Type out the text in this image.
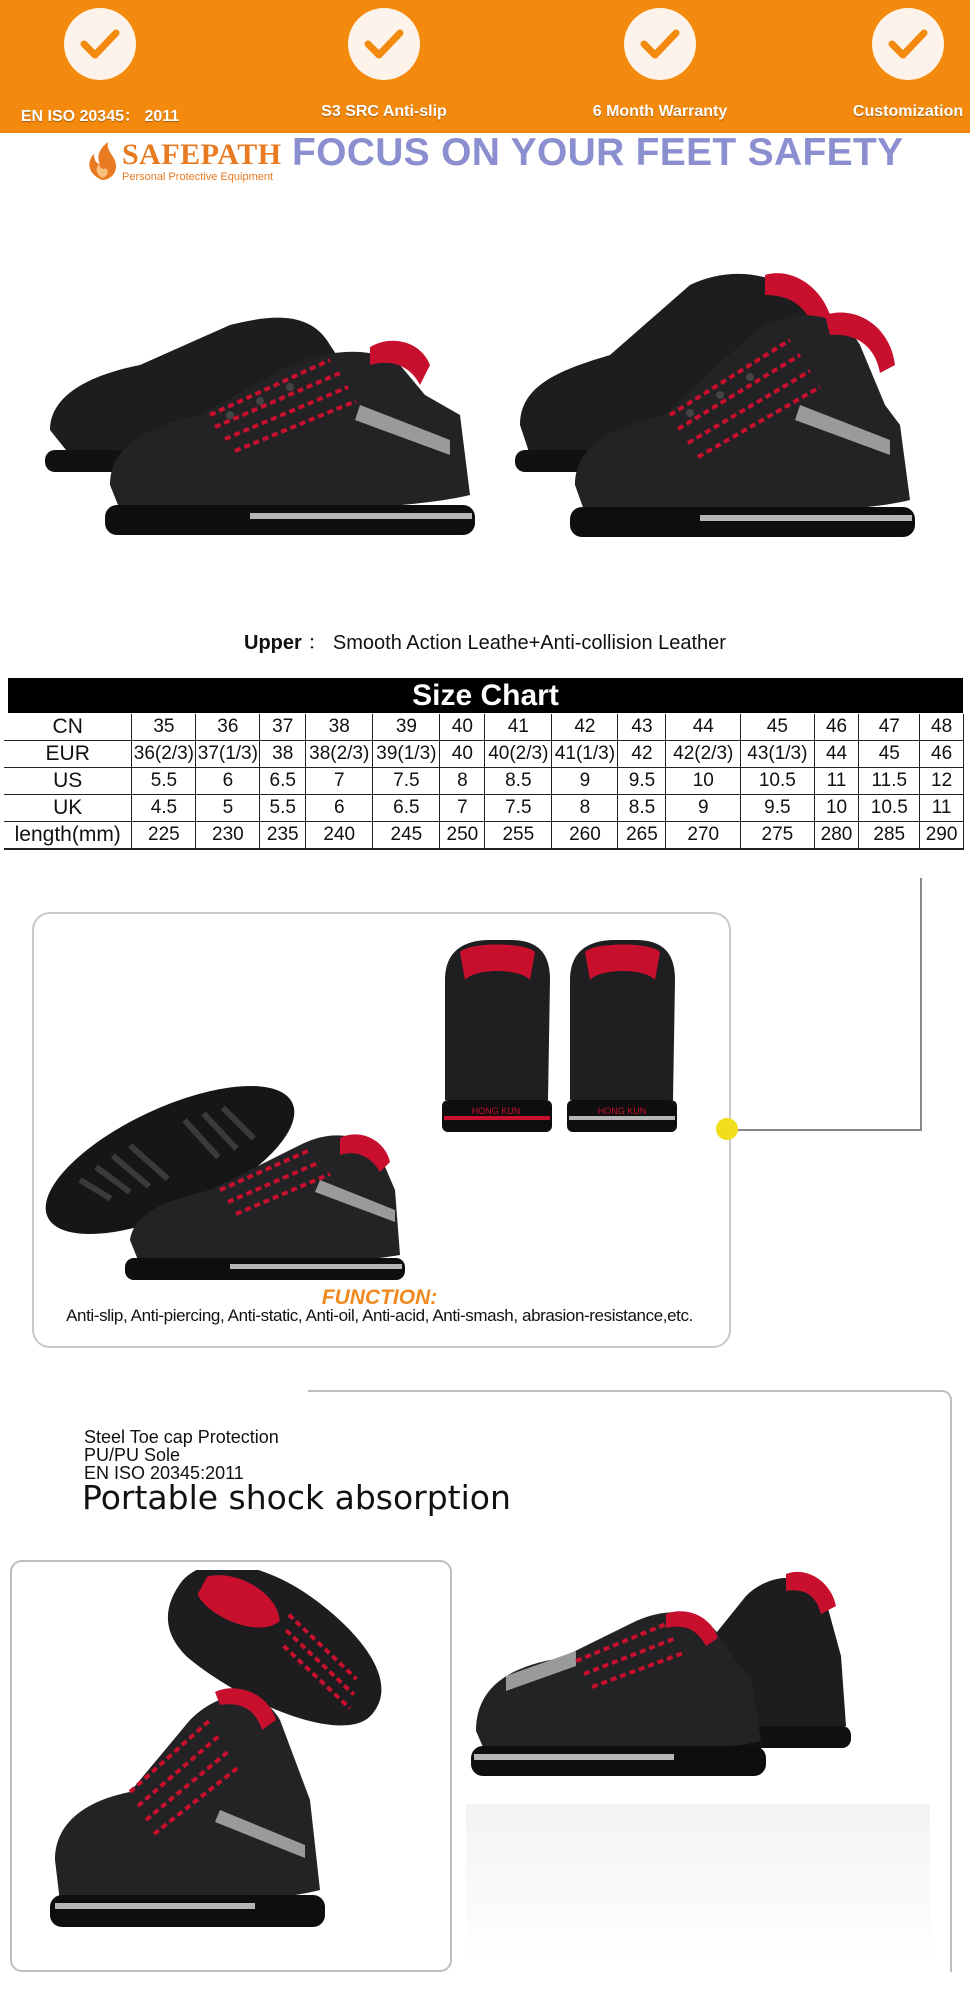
EN ISO 20345： 2011	S3 SRC Anti-slip	6 Month Warranty	Customization
SAFEPATH
Personal Protective Equipment
FOCUS ON YOUR FEET SAFETY
Upper ： Smooth Action Leathe+Anti-collision Leather
Size Chart
CN	35	36	37	38	39	40	41	42	43	44	45	46	47	48
EUR	36(2/3)	37(1/3)	38	38(2/3)	39(1/3)	40	40(2/3)	41(1/3)	42	42(2/3)	43(1/3)	44	45	46
US	5.5	6	6.5	7	7.5	8	8.5	9	9.5	10	10.5	11	11.5	12
UK	4.5	5	5.5	6	6.5	7	7.5	8	8.5	9	9.5	10	10.5	11
length(mm)	225	230	235	240	245	250	255	260	265	270	275	280	285	290
HONG KUN	HONG KUN
FUNCTION:
Anti-slip, Anti-piercing, Anti-static, Anti-oil, Anti-acid, Anti-smash, abrasion-resistance,etc.
Steel Toe cap Protection
PU/PU Sole
EN ISO 20345:2011
Portable shock absorption
